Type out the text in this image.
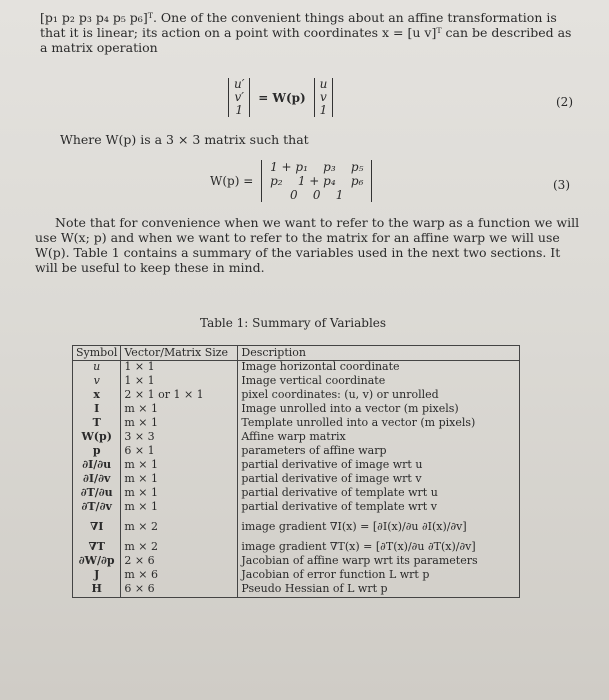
[p₁ p₂ p₃ p₄ p₅ p₆]ᵀ. One of the convenient things about an affine transformation is that it is linear; its action on a point with coordinates x = [u v]ᵀ can be described as a matrix operation
u′
v′
1
= W(p)
u
v
1
(2)
Where W(p) is a 3 × 3 matrix such that
W(p) =
1 + p₁    p₃    p₅
p₂    1 + p₄    p₆
0    0    1
(3)
Note that for convenience when we want to refer to the warp as a function we will use W(x; p) and when we want to refer to the matrix for an affine warp we will use W(p). Table 1 contains a summary of the variables used in the next two sections. It will be useful to keep these in mind.
Table 1: Summary of Variables
Symbol	Vector/Matrix Size	Description
u	1 × 1	Image horizontal coordinate
v	1 × 1	Image vertical coordinate
x	2 × 1 or 1 × 1	pixel coordinates: (u, v) or unrolled
I	m × 1	Image unrolled into a vector (m pixels)
T	m × 1	Template unrolled into a vector (m pixels)
W(p)	3 × 3	Affine warp matrix
p	6 × 1	parameters of affine warp
∂I/∂u	m × 1	partial derivative of image wrt u
∂I/∂v	m × 1	partial derivative of image wrt v
∂T/∂u	m × 1	partial derivative of template wrt u
∂T/∂v	m × 1	partial derivative of template wrt v
∇I	m × 2	image gradient ∇I(x) = [∂I(x)/∂u ∂I(x)/∂v]
∇T	m × 2	image gradient ∇T(x) = [∂T(x)/∂u ∂T(x)/∂v]
∂W/∂p	2 × 6	Jacobian of affine warp wrt its parameters
J	m × 6	Jacobian of error function L wrt p
H	6 × 6	Pseudo Hessian of L wrt p
